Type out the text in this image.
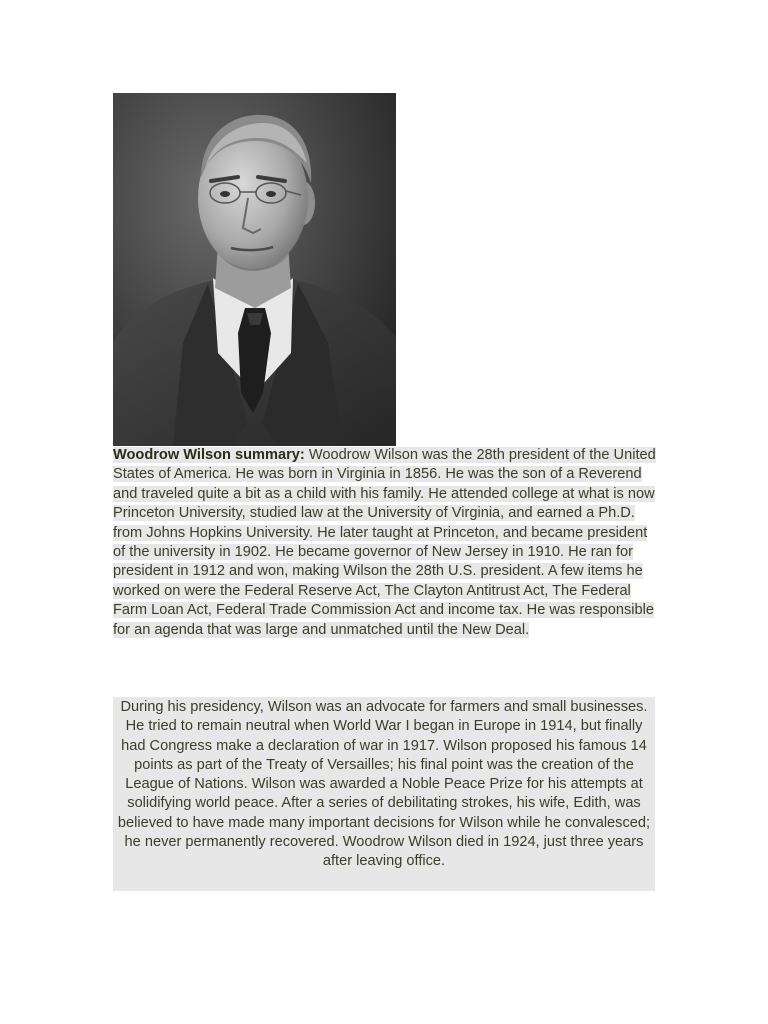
Woodrow Wilson summary: Woodrow Wilson was the 28th president of the United States of America. He was born in Virginia in 1856. He was the son of a Reverend and traveled quite a bit as a child with his family. He attended college at what is now Princeton University, studied law at the University of Virginia, and earned a Ph.D. from Johns Hopkins University. He later taught at Princeton, and became president of the university in 1902. He became governor of New Jersey in 1910. He ran for president in 1912 and won, making Wilson the 28th U.S. president. A few items he worked on were the Federal Reserve Act, The Clayton Antitrust Act, The Federal Farm Loan Act, Federal Trade Commission Act and income tax. He was responsible for an agenda that was large and unmatched until the New Deal.

During his presidency, Wilson was an advocate for farmers and small businesses. He tried to remain neutral when World War I began in Europe in 1914, but finally had Congress make a declaration of war in 1917. Wilson proposed his famous 14 points as part of the Treaty of Versailles; his final point was the creation of the League of Nations. Wilson was awarded a Noble Peace Prize for his attempts at solidifying world peace. After a series of debilitating strokes, his wife, Edith, was believed to have made many important decisions for Wilson while he convalesced; he never permanently recovered. Woodrow Wilson died in 1924, just three years after leaving office.
